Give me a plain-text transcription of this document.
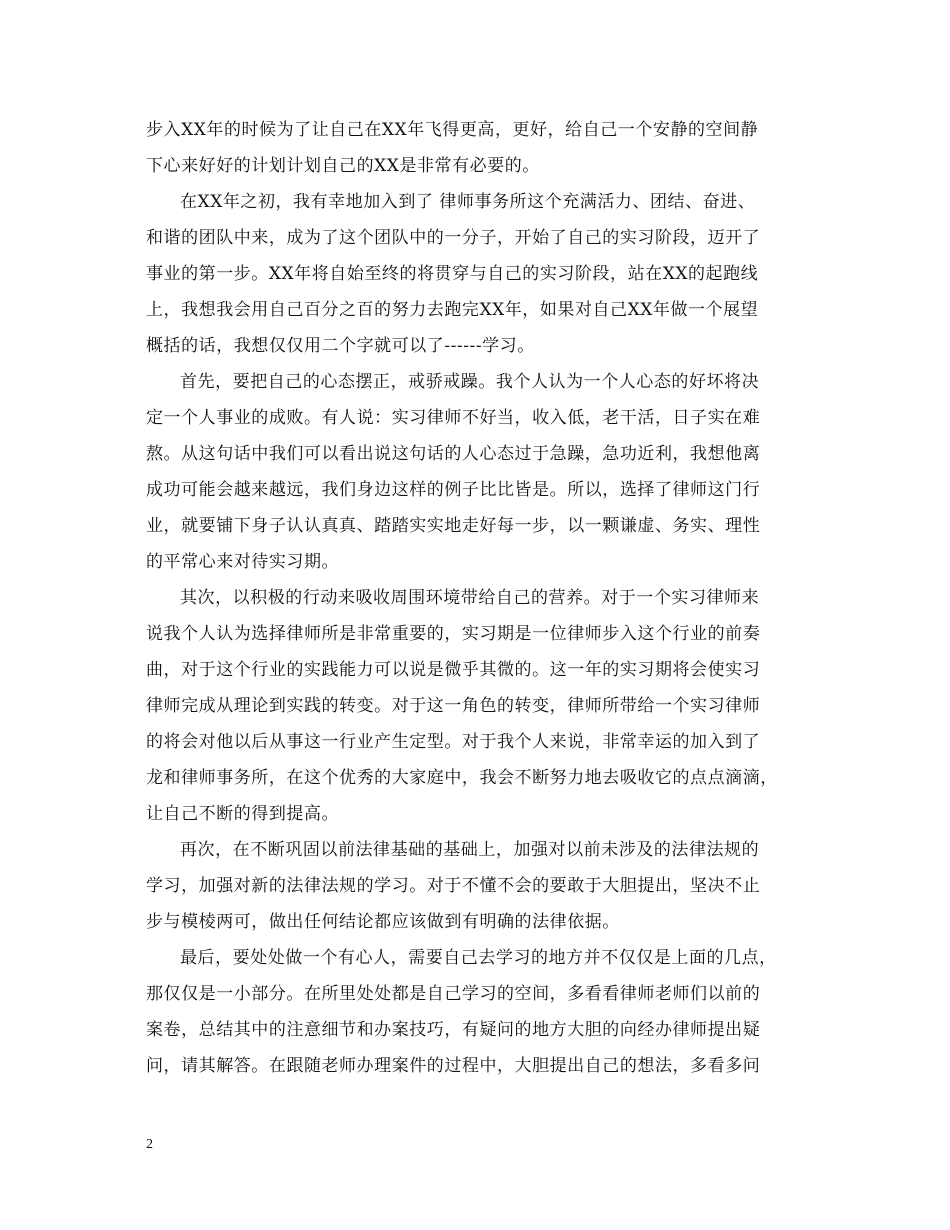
步入XX年的时候为了让自己在XX年飞得更高，更好，给自己一个安静的空间静
下心来好好的计划计划自己的XX是非常有必要的。
在XX年之初，我有幸地加入到了 律师事务所这个充满活力、团结、奋进、
和谐的团队中来，成为了这个团队中的一分子，开始了自己的实习阶段，迈开了
事业的第一步。XX年将自始至终的将贯穿与自己的实习阶段，站在XX的起跑线
上，我想我会用自己百分之百的努力去跑完XX年，如果对自己XX年做一个展望
概括的话，我想仅仅用二个字就可以了------学习。
首先，要把自己的心态摆正，戒骄戒躁。我个人认为一个人心态的好坏将决
定一个人事业的成败。有人说：实习律师不好当，收入低，老干活，日子实在难
熬。从这句话中我们可以看出说这句话的人心态过于急躁，急功近利，我想他离
成功可能会越来越远，我们身边这样的例子比比皆是。所以，选择了律师这门行
业，就要铺下身子认认真真、踏踏实实地走好每一步，以一颗谦虚、务实、理性
的平常心来对待实习期。
其次，以积极的行动来吸收周围环境带给自己的营养。对于一个实习律师来
说我个人认为选择律师所是非常重要的，实习期是一位律师步入这个行业的前奏
曲，对于这个行业的实践能力可以说是微乎其微的。这一年的实习期将会使实习
律师完成从理论到实践的转变。对于这一角色的转变，律师所带给一个实习律师
的将会对他以后从事这一行业产生定型。对于我个人来说，非常幸运的加入到了
龙和律师事务所，在这个优秀的大家庭中，我会不断努力地去吸收它的点点滴滴，
让自己不断的得到提高。
再次，在不断巩固以前法律基础的基础上，加强对以前未涉及的法律法规的
学习，加强对新的法律法规的学习。对于不懂不会的要敢于大胆提出，坚决不止
步与模棱两可，做出任何结论都应该做到有明确的法律依据。
最后，要处处做一个有心人，需要自己去学习的地方并不仅仅是上面的几点，
那仅仅是一小部分。在所里处处都是自己学习的空间，多看看律师老师们以前的
案卷，总结其中的注意细节和办案技巧，有疑问的地方大胆的向经办律师提出疑
问，请其解答。在跟随老师办理案件的过程中，大胆提出自己的想法，多看多问
2
